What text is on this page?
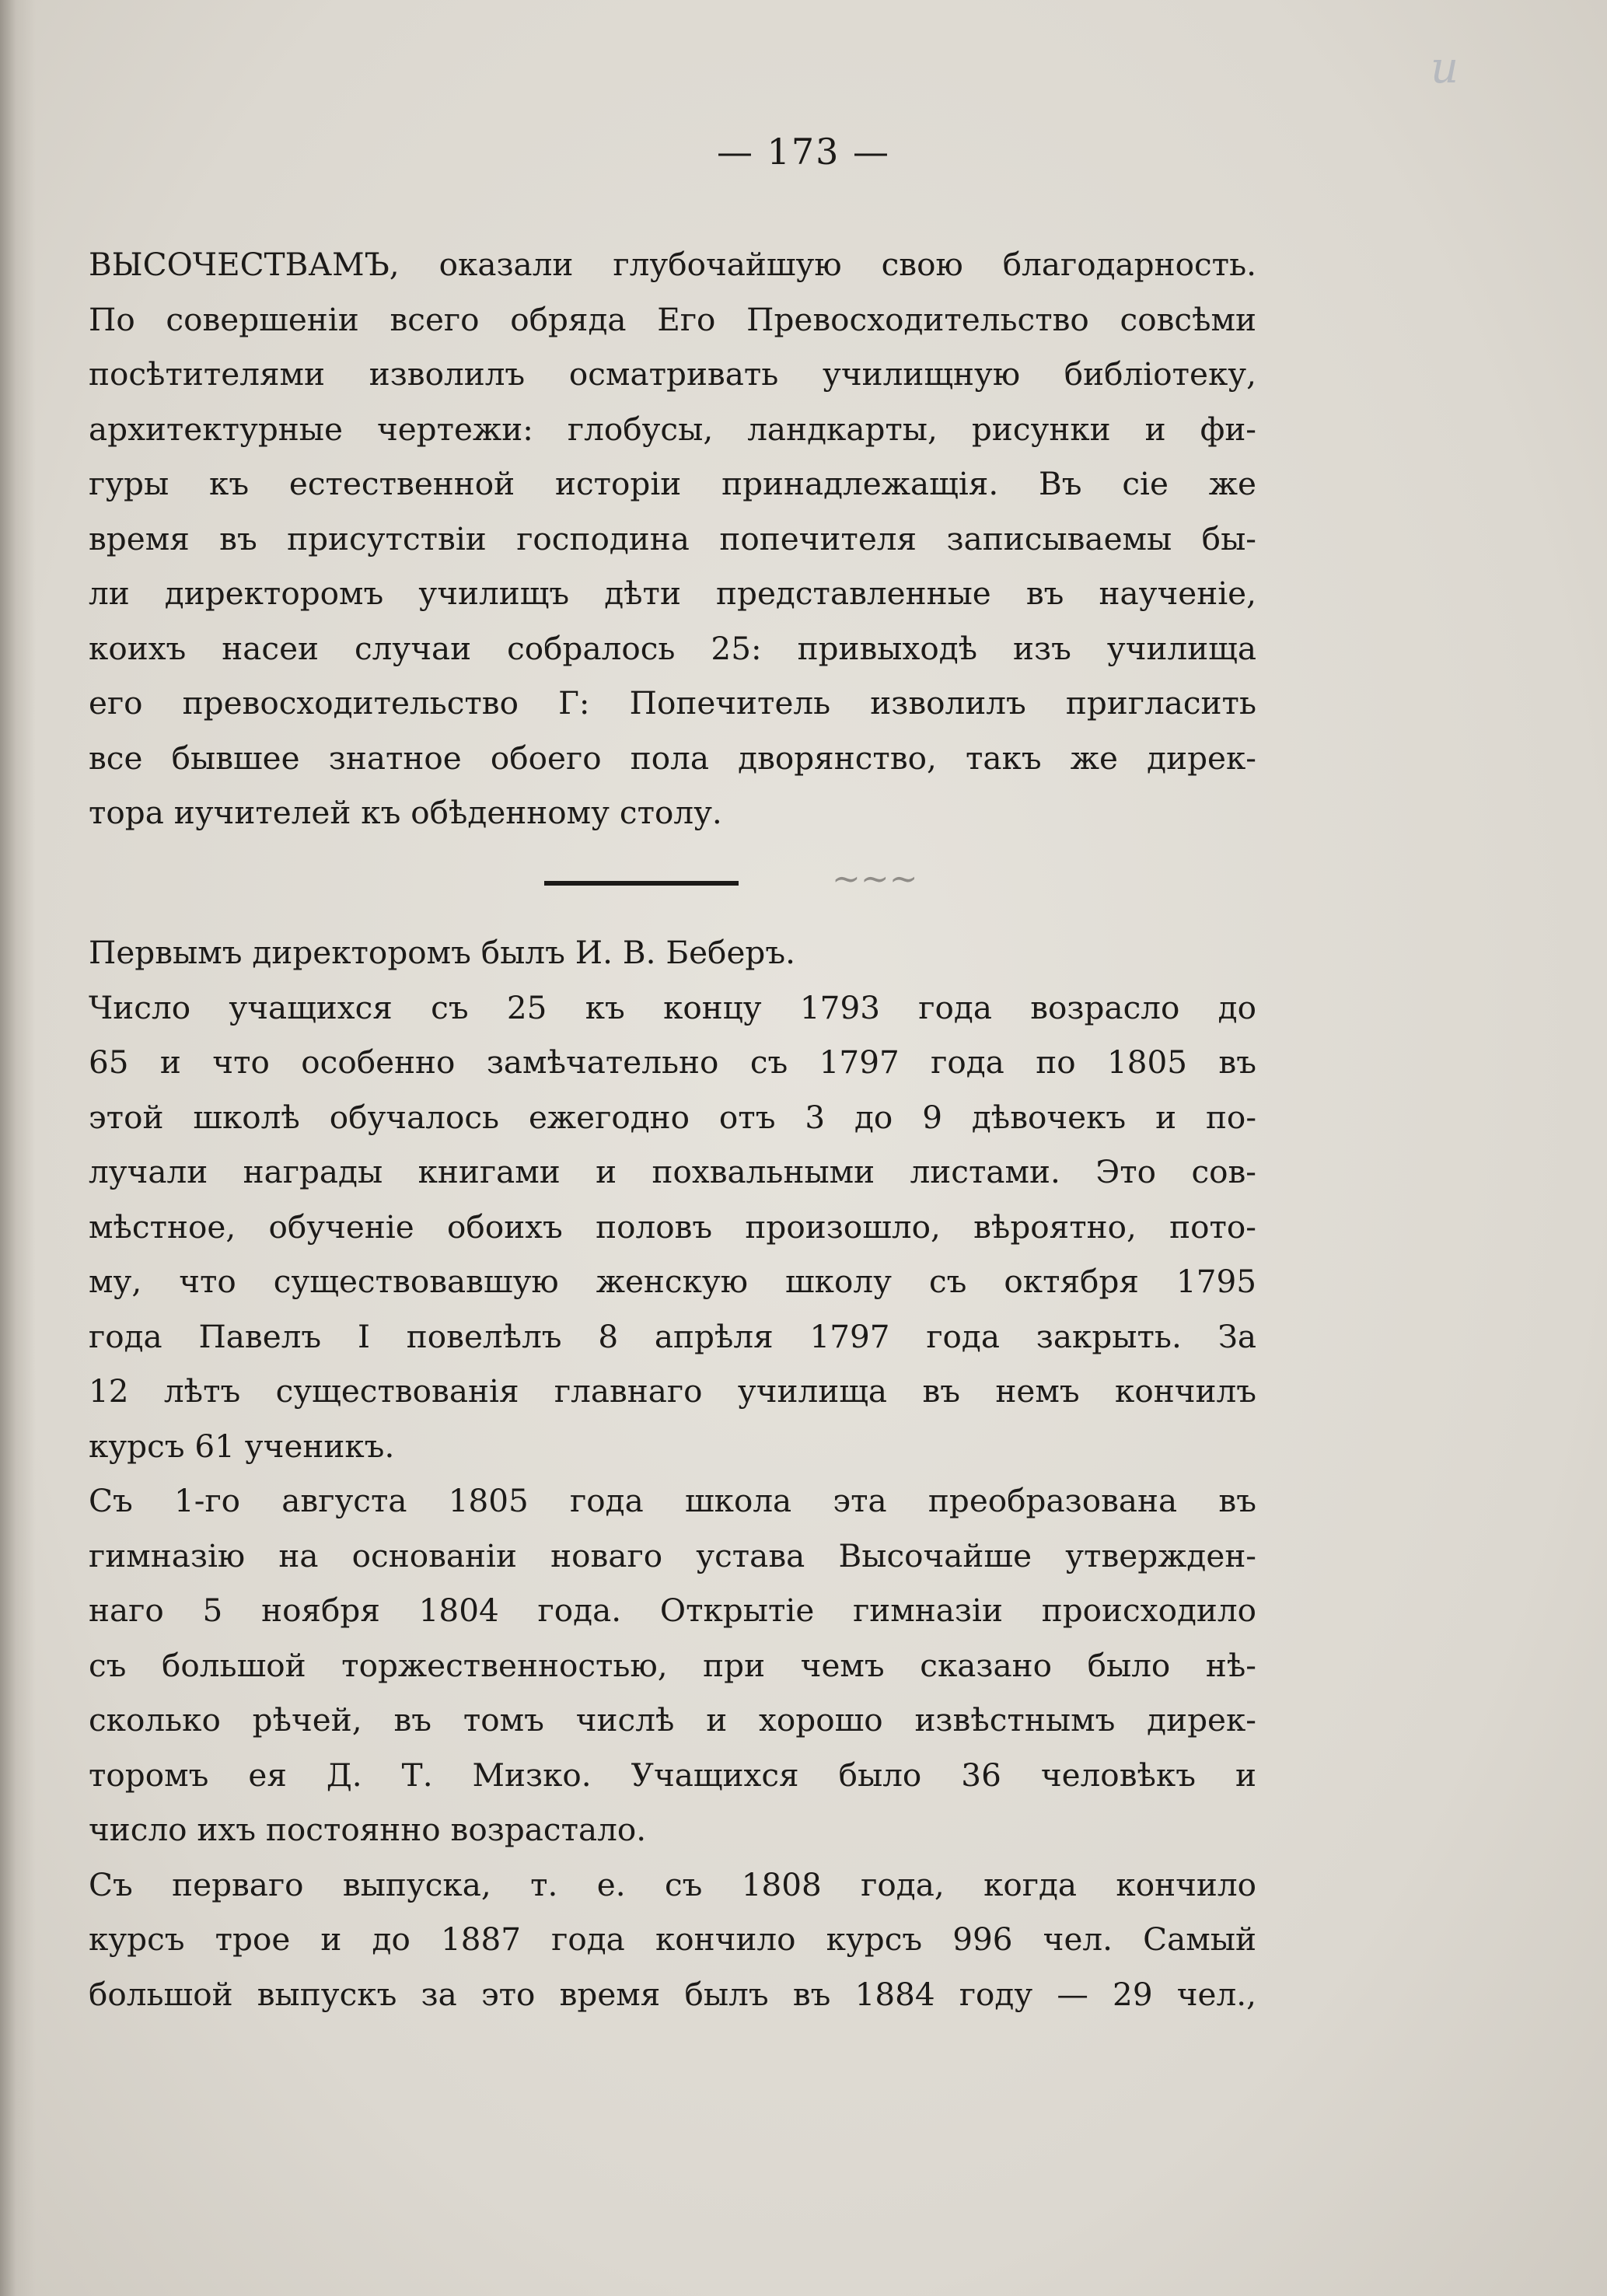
и
— 173 —

ВЫСОЧЕСТВАМЪ, оказали глубочайшую свою благодарность.
По совершеніи всего обряда Его Превосходительство совсѣми
посѣтителями изволилъ осматривать училищную библіотеку,
архитектурные чертежи: глобусы, ландкарты, рисунки и фи-
гуры къ естественной исторіи принадлежащія. Въ сіе же
время въ присутствіи господина попечителя записываемы бы-
ли директоромъ училищъ дѣти представленные въ наученіе,
коихъ насеи случаи собралось 25: привыходѣ изъ училища
его превосходительство Г: Попечитель изволилъ пригласить
все бывшее знатное обоего пола дворянство, такъ же дирек-
тора иучителей къ обѣденному столу.

~~~

Первымъ директоромъ былъ И. В. Беберъ.

Число учащихся съ 25 къ концу 1793 года возрасло до
65 и что особенно замѣчательно съ 1797 года по 1805 въ
этой школѣ обучалось ежегодно отъ 3 до 9 дѣвочекъ и по-
лучали награды книгами и похвальными листами. Это сов-
мѣстное, обученіе обоихъ половъ произошло, вѣроятно, пото-
му, что существовавшую женскую школу съ октября 1795
года Павелъ I повелѣлъ 8 апрѣля 1797 года закрыть. За
12 лѣтъ существованія главнаго училища въ немъ кончилъ
курсъ 61 ученикъ.

Съ 1-го августа 1805 года школа эта преобразована въ
гимназію на основаніи новаго устава Высочайше утвержден-
наго 5 ноября 1804 года. Открытіе гимназіи происходило
съ большой торжественностью, при чемъ сказано было нѣ-
сколько рѣчей, въ томъ числѣ и хорошо извѣстнымъ дирек-
торомъ ея Д. Т. Мизко. Учащихся было 36 человѣкъ и
число ихъ постоянно возрастало.

Съ перваго выпуска, т. е. съ 1808 года, когда кончило
курсъ трое и до 1887 года кончило курсъ 996 чел. Самый
большой выпускъ за это время былъ въ 1884 году — 29 чел.,
